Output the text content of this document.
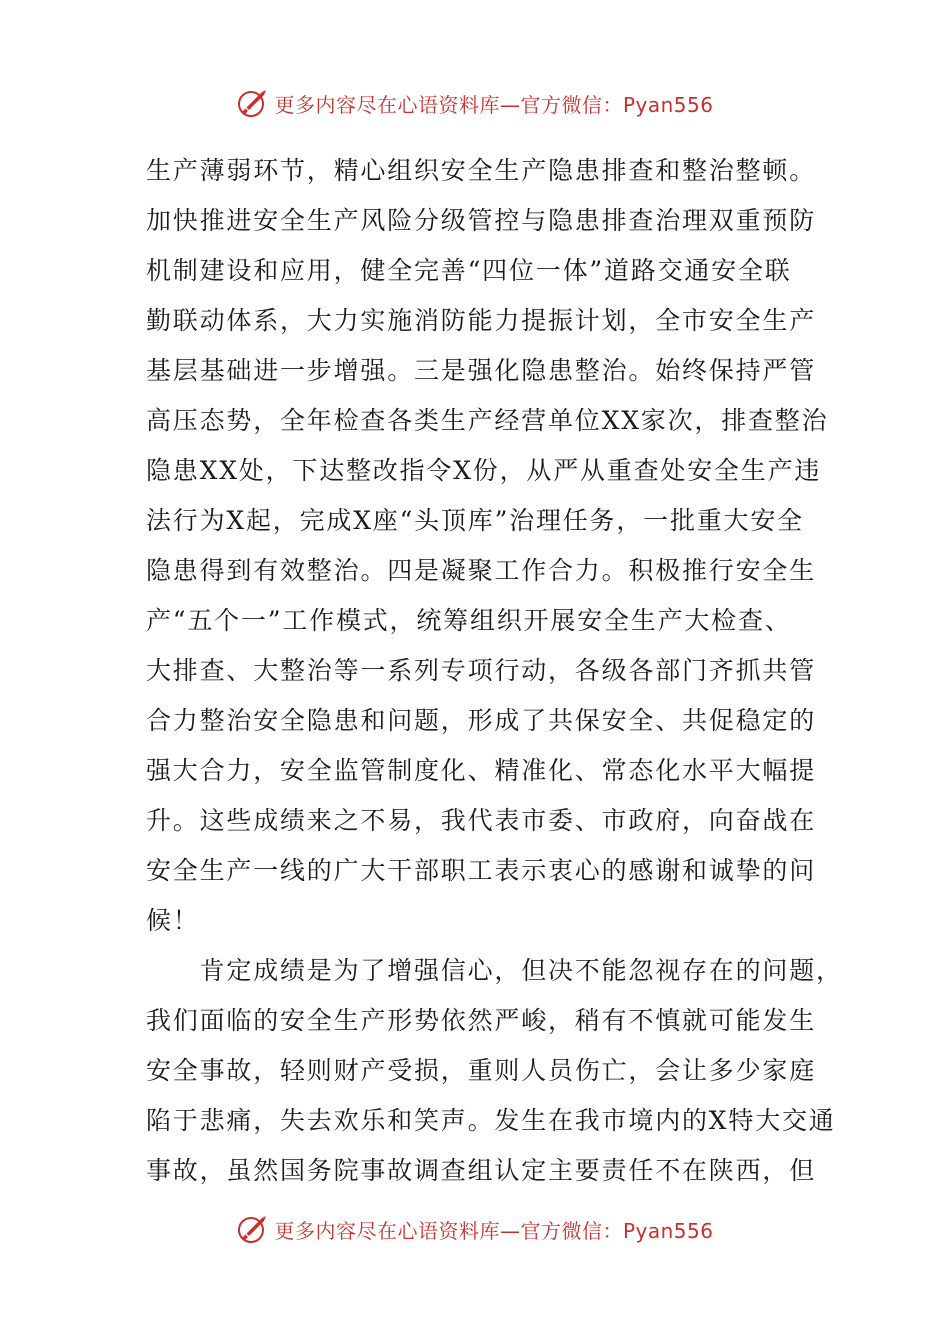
更多内容尽在心语资料库—官方微信：Pyan556
生产薄弱环节，精心组织安全生产隐患排查和整治整顿。
加快推进安全生产风险分级管控与隐患排查治理双重预防
机制建设和应用，健全完善“四位一体”道路交通安全联
勤联动体系，大力实施消防能力提振计划，全市安全生产
基层基础进一步增强。三是强化隐患整治。始终保持严管
高压态势，全年检查各类生产经营单位XX家次，排查整治
隐患XX处，下达整改指令X份，从严从重查处安全生产违
法行为X起，完成X座“头顶库”治理任务，一批重大安全
隐患得到有效整治。四是凝聚工作合力。积极推行安全生
产“五个一”工作模式，统筹组织开展安全生产大检查、
大排查、大整治等一系列专项行动，各级各部门齐抓共管
合力整治安全隐患和问题，形成了共保安全、共促稳定的
强大合力，安全监管制度化、精准化、常态化水平大幅提
升。这些成绩来之不易，我代表市委、市政府，向奋战在
安全生产一线的广大干部职工表示衷心的感谢和诚挚的问
候！
　　肯定成绩是为了增强信心，但决不能忽视存在的问题，
我们面临的安全生产形势依然严峻，稍有不慎就可能发生
安全事故，轻则财产受损，重则人员伤亡，会让多少家庭
陷于悲痛，失去欢乐和笑声。发生在我市境内的X特大交通
事故，虽然国务院事故调查组认定主要责任不在陕西，但
更多内容尽在心语资料库—官方微信：Pyan556
